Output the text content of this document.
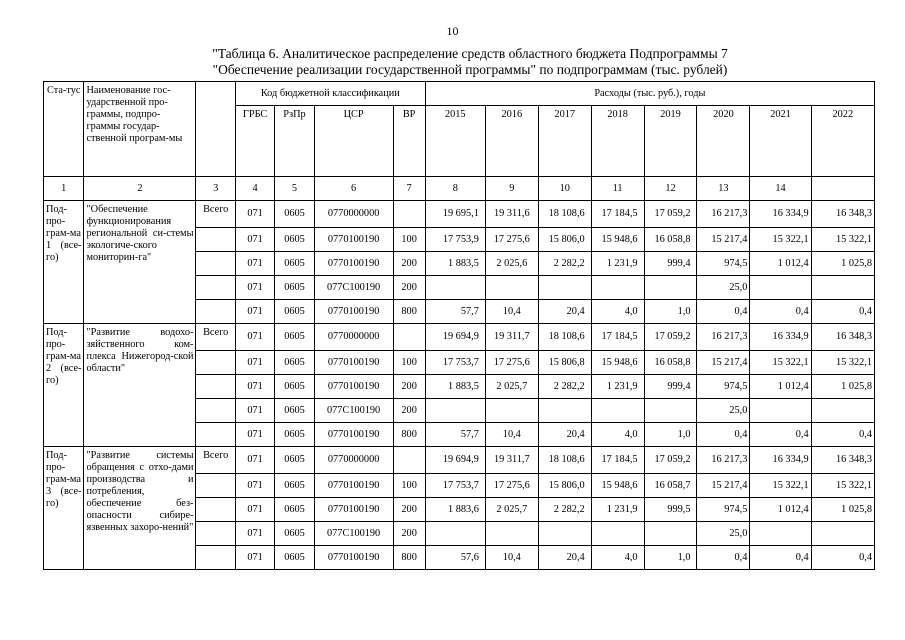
10
"Таблица 6. Аналитическое распределение средств областного бюджета Подпрограммы 7
"Обеспечение реализации государственной программы" по подпрограммам (тыс. рублей)
Ста-тус	Наименование гос-ударственной про-граммы, подпро-граммы государ-ственной програм-мы		Код бюджетной классификации				Расходы (тыс. руб.), годы							
			ГРБС	РзПр	ЦСР	ВР	2015	2016	2017	2018	2019	2020	2021	2022
1	2	3	4	5	6	7	8	9	10	11	12	13	14	
Под-про-грам-ма 1 (все-го)	"Обеспечение функционирования региональной си-стемы экологиче-ского мониторин-га"	Всего	071	0605	0770000000		19 695,1	19 311,6	18 108,6	17 184,5	17 059,2	16 217,3	16 334,9	16 348,3
			071	0605	0770100190	100	17 753,9	17 275,6	15 806,0	15 948,6	16 058,8	15 217,4	15 322,1	15 322,1
			071	0605	0770100190	200	1 883,5	2 025,6	2 282,2	1 231,9	999,4	974,5	1 012,4	1 025,8
			071	0605	077C100190	200						25,0		
			071	0605	0770100190	800	57,7	10,4	20,4	4,0	1,0	0,4	0,4	0,4
Под-про-грам-ма 2 (все-го)	"Развитие водохо-зяйственного ком-плекса Нижегород-ской области"	Всего	071	0605	0770000000		19 694,9	19 311,7	18 108,6	17 184,5	17 059,2	16 217,3	16 334,9	16 348,3
			071	0605	0770100190	100	17 753,7	17 275,6	15 806,8	15 948,6	16 058,8	15 217,4	15 322,1	15 322,1
			071	0605	0770100190	200	1 883,5	2 025,7	2 282,2	1 231,9	999,4	974,5	1 012,4	1 025,8
			071	0605	077C100190	200						25,0		
			071	0605	0770100190	800	57,7	10,4	20,4	4,0	1,0	0,4	0,4	0,4
Под-про-грам-ма 3 (все-го)	"Развитие системы обращения с отхо-дами производства и потребления, обеспечение без-опасности сибире-язвенных захоро-нений"	Всего	071	0605	0770000000		19 694,9	19 311,7	18 108,6	17 184,5	17 059,2	16 217,3	16 334,9	16 348,3
			071	0605	0770100190	100	17 753,7	17 275,6	15 806,0	15 948,6	16 058,7	15 217,4	15 322,1	15 322,1
			071	0605	0770100190	200	1 883,6	2 025,7	2 282,2	1 231,9	999,5	974,5	1 012,4	1 025,8
			071	0605	077C100190	200						25,0		
			071	0605	0770100190	800	57,6	10,4	20,4	4,0	1,0	0,4	0,4	0,4
